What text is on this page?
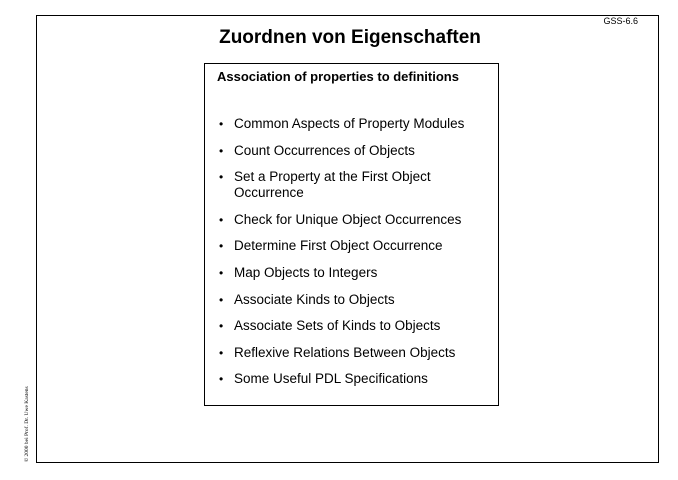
GSS-6.6
Zuordnen von Eigenschaften
Association of properties to definitions
• Common Aspects of Property Modules
• Count Occurrences of Objects
• Set a Property at the First Object Occurrence
• Check for Unique Object Occurrences
• Determine First Object Occurrence
• Map Objects to Integers
• Associate Kinds to Objects
• Associate Sets of Kinds to Objects
• Reflexive Relations Between Objects
• Some Useful PDL Specifications
© 2000 bei Prof. Dr. Uwe Kastens
